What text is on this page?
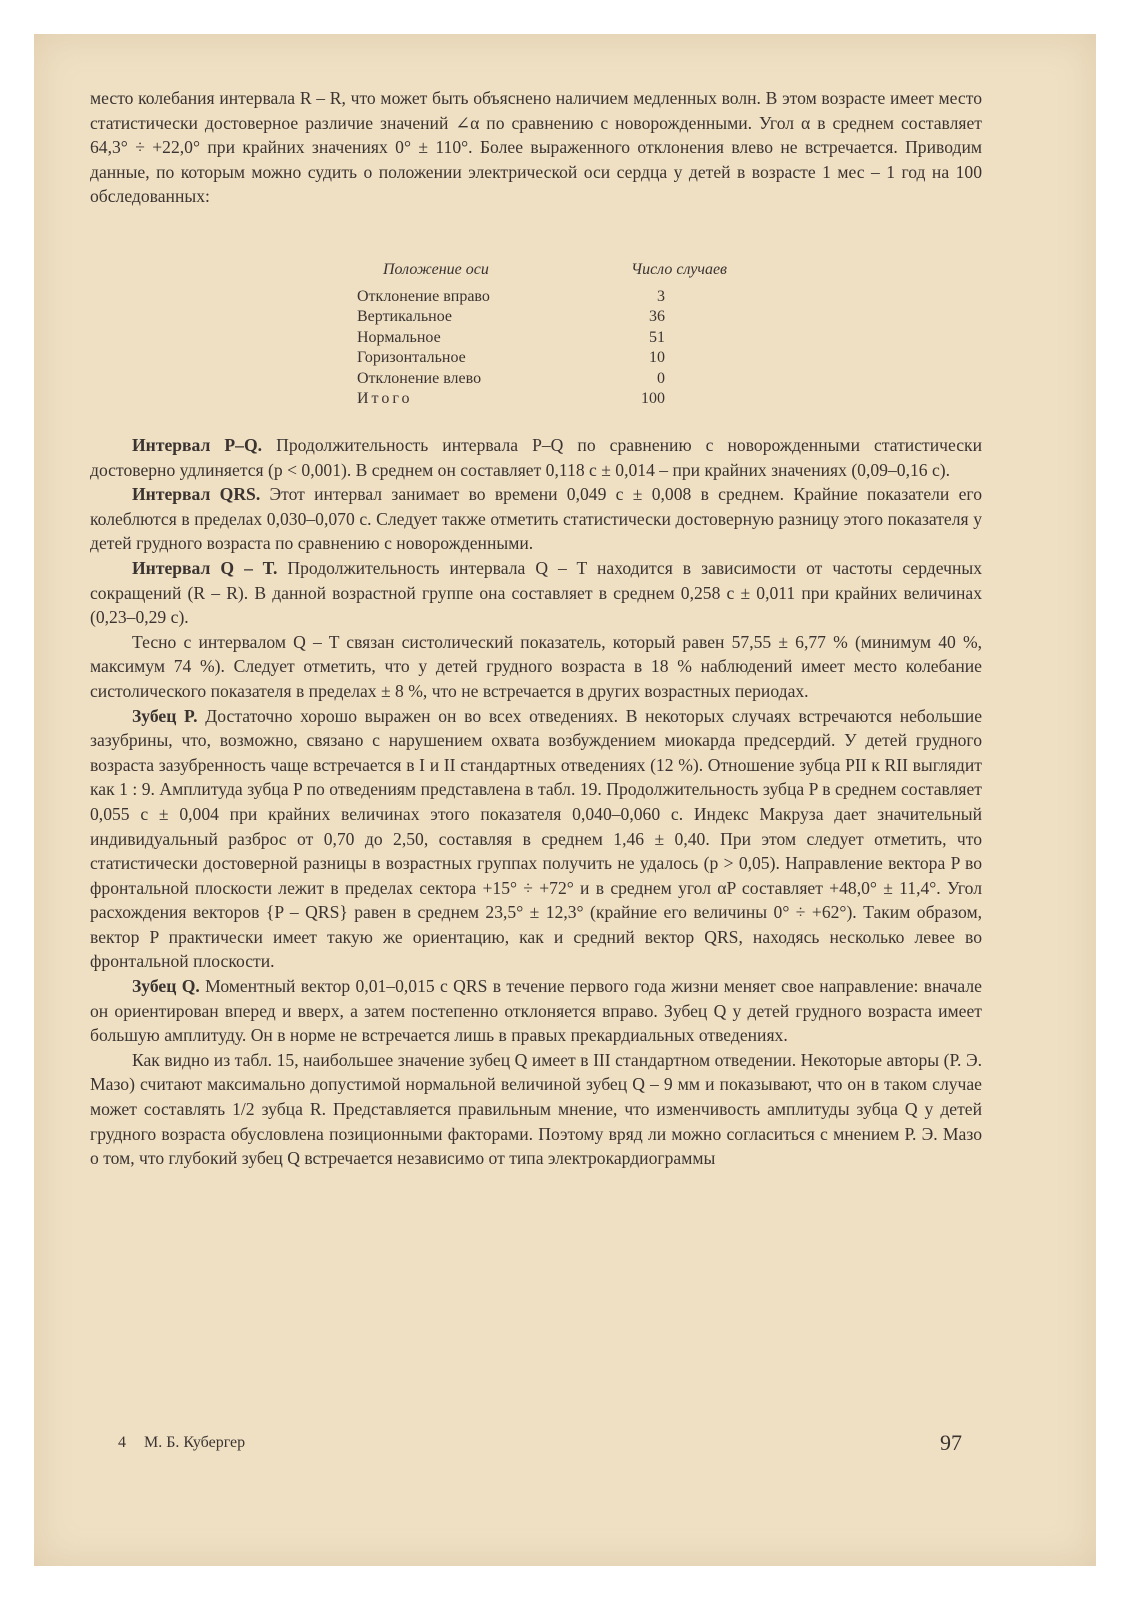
место колебания интервала R – R, что может быть объяснено наличием медленных волн. В этом возрасте имеет место статистически достоверное различие значений ∠α по сравнению с новорожденными. Угол α в среднем составляет 64,3° ÷ +22,0° при крайних значениях 0° ± 110°. Более выраженного отклонения влево не встречается. Приводим данные, по которым можно судить о положении электрической оси сердца у детей в возрасте 1 мес – 1 год на 100 обследованных:

Положение оси	Число случаев
Отклонение вправо	3
Вертикальное	36
Нормальное	51
Горизонтальное	10
Отклонение влево	0
Итого	100

Интервал P–Q. Продолжительность интервала P–Q по сравнению с новорожденными статистически достоверно удлиняется (p < 0,001). В среднем он составляет 0,118 с ± 0,014 – при крайних значениях (0,09–0,16 с).

Интервал QRS. Этот интервал занимает во времени 0,049 с ± 0,008 в среднем. Крайние показатели его колеблются в пределах 0,030–0,070 с. Следует также отметить статистически достоверную разницу этого показателя у детей грудного возраста по сравнению с новорожденными.

Интервал Q – T. Продолжительность интервала Q – T находится в зависимости от частоты сердечных сокращений (R – R). В данной возрастной группе она составляет в среднем 0,258 с ± 0,011 при крайних величинах (0,23–0,29 с).

Тесно с интервалом Q – T связан систолический показатель, который равен 57,55 ± 6,77 % (минимум 40 %, максимум 74 %). Следует отметить, что у детей грудного возраста в 18 % наблюдений имеет место колебание систолического показателя в пределах ± 8 %, что не встречается в других возрастных периодах.

Зубец P. Достаточно хорошо выражен он во всех отведениях. В некоторых случаях встречаются небольшие зазубрины, что, возможно, связано с нарушением охвата возбуждением миокарда предсердий. У детей грудного возраста зазубренность чаще встречается в I и II стандартных отведениях (12 %). Отношение зубца PII к RII выглядит как 1 : 9. Амплитуда зубца P по отведениям представлена в табл. 19. Продолжительность зубца P в среднем составляет 0,055 с ± 0,004 при крайних величинах этого показателя 0,040–0,060 с. Индекс Макруза дает значительный индивидуальный разброс от 0,70 до 2,50, составляя в среднем 1,46 ± 0,40. При этом следует отметить, что статистически достоверной разницы в возрастных группах получить не удалось (p > 0,05). Направление вектора P во фронтальной плоскости лежит в пределах сектора +15° ÷ +72° и в среднем угол αP составляет +48,0° ± 11,4°. Угол расхождения векторов {P – QRS} равен в среднем 23,5° ± 12,3° (крайние его величины 0° ÷ +62°). Таким образом, вектор P практически имеет такую же ориентацию, как и средний вектор QRS, находясь несколько левее во фронтальной плоскости.

Зубец Q. Моментный вектор 0,01–0,015 с QRS в течение первого года жизни меняет свое направление: вначале он ориентирован вперед и вверх, а затем постепенно отклоняется вправо. Зубец Q у детей грудного возраста имеет большую амплитуду. Он в норме не встречается лишь в правых прекардиальных отведениях.

Как видно из табл. 15, наибольшее значение зубец Q имеет в III стандартном отведении. Некоторые авторы (Р. Э. Мазо) считают максимально допустимой нормальной величиной зубец Q – 9 мм и показывают, что он в таком случае может составлять 1/2 зубца R. Представляется правильным мнение, что изменчивость амплитуды зубца Q у детей грудного возраста обусловлена позиционными факторами. Поэтому вряд ли можно согласиться с мнением Р. Э. Мазо о том, что глубокий зубец Q встречается независимо от типа электрокардиограммы

4 М. Б. Кубергер	97
